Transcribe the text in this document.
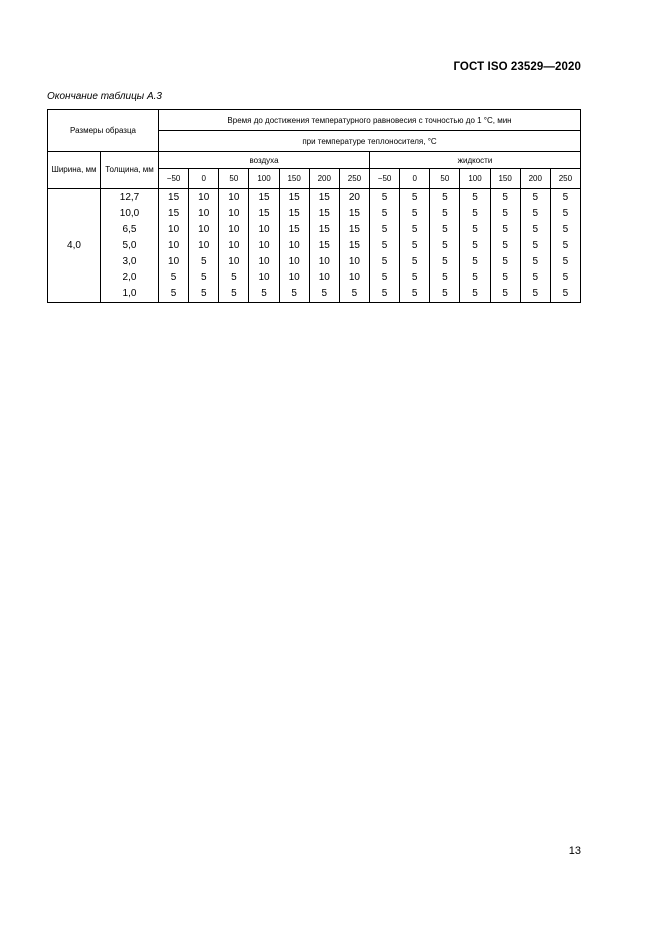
ГОСТ ISO 23529—2020
Окончание таблицы А.3
Размеры образца		Время до достижения температурного равновесия с точностью до 1 °С, мин													
		при температуре теплоносителя, °С													
Ширина, мм	Толщина, мм	воздуха							жидкости						
		−50	0	50	100	150	200	250	−50	0	50	100	150	200	250
4,0	12,7	15	10	10	15	15	15	20	5	5	5	5	5	5	5
	10,0	15	10	10	15	15	15	15	5	5	5	5	5	5	5
	6,5	10	10	10	10	15	15	15	5	5	5	5	5	5	5
	5,0	10	10	10	10	10	15	15	5	5	5	5	5	5	5
	3,0	10	5	10	10	10	10	10	5	5	5	5	5	5	5
	2,0	5	5	5	10	10	10	10	5	5	5	5	5	5	5
	1,0	5	5	5	5	5	5	5	5	5	5	5	5	5	5
13
